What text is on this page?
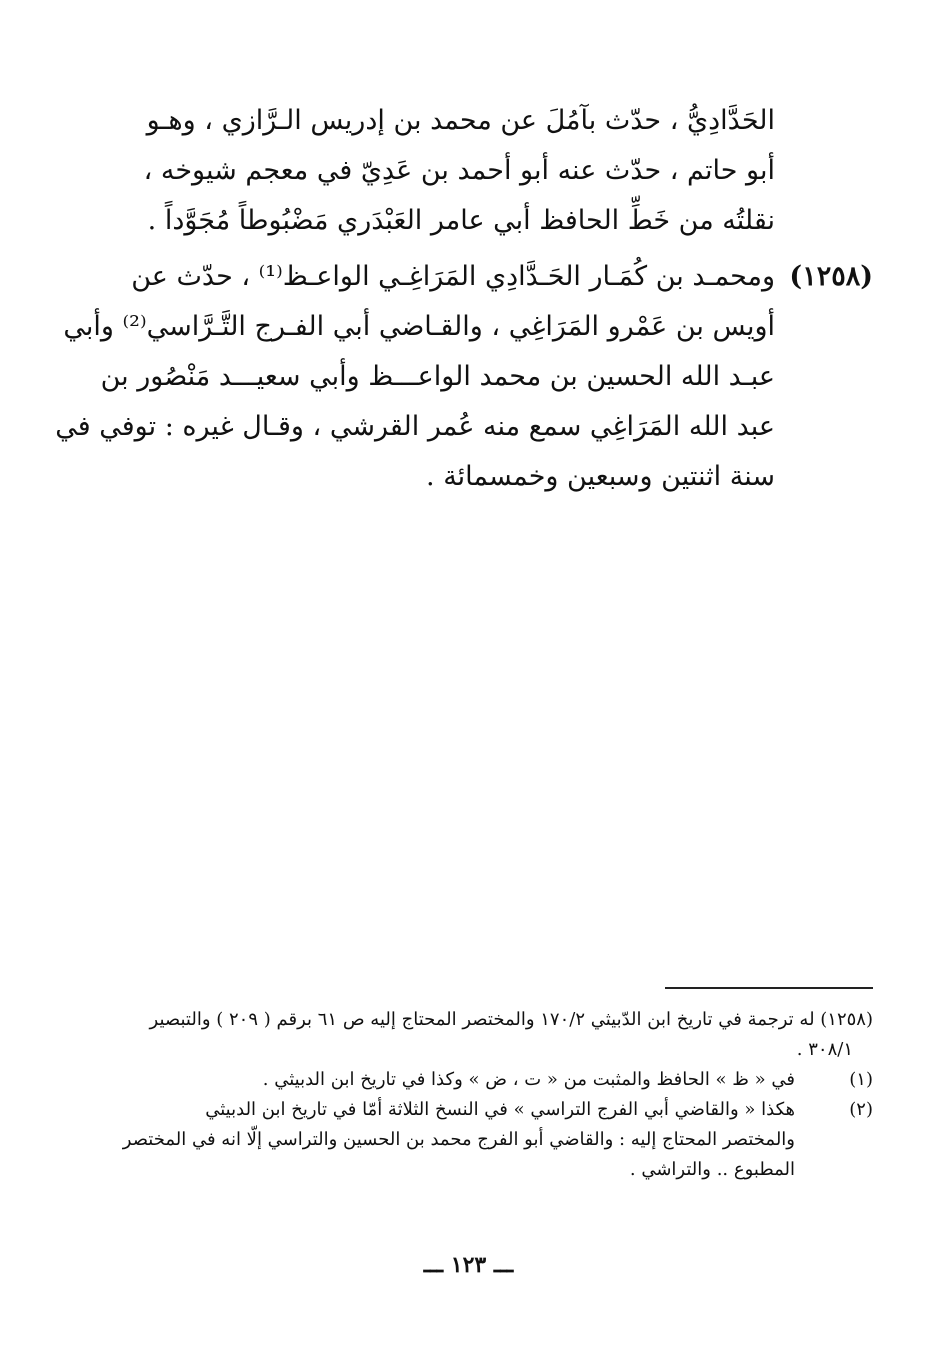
الحَدَّادِيُّ ، حدّث بآمُلَ عن محمد بن إدريس الـرَّازي ، وهـو
أبو حاتم ، حدّث عنه أبو أحمد بن عَدِيّ في معجم شيوخه ،
نقلتُه من خَطِّ الحافظ أبي عامر العَبْدَري مَضْبُوطاً مُجَوَّداً .
(١٢٥٨)
ومحمـد بن كُمَـار الحَـدَّادِي المَرَاغِـي الواعـظ⁽¹⁾ ، حدّث عن
أويس بن عَمْرو المَرَاغِي ، والقـاضي أبي الفـرج التَّـرَّاسي⁽²⁾ وأبي
عبـد الله الحسين بن محمد الواعـــظ وأبي سعيـــد مَنْصُور بن
عبد الله المَرَاغِي سمع منه عُمر القرشي ، وقـال غيره : توفي في
سنة اثنتين وسبعين وخمسمائة .
(١٢٥٨) له ترجمة في تاريخ ابن الدّبيثي ١٧٠/٢ والمختصر المحتاج إليه ص ٦١ برقم ( ٢٠٩ ) والتبصير
٣٠٨/١ .
(١)
في « ظ » الحافظ والمثبت من « ت ، ض » وكذا في تاريخ ابن الدبيثي .
(٢)
هكذا « والقاضي أبي الفرج التراسي » في النسخ الثلاثة أمّا في تاريخ ابن الدبيثي
والمختصر المحتاج إليه : والقاضي أبو الفرج محمد بن الحسين والتراسي إلّا انه في المختصر
المطبوع .. والتراشي .
ـــ ١٢٣ ـــ
